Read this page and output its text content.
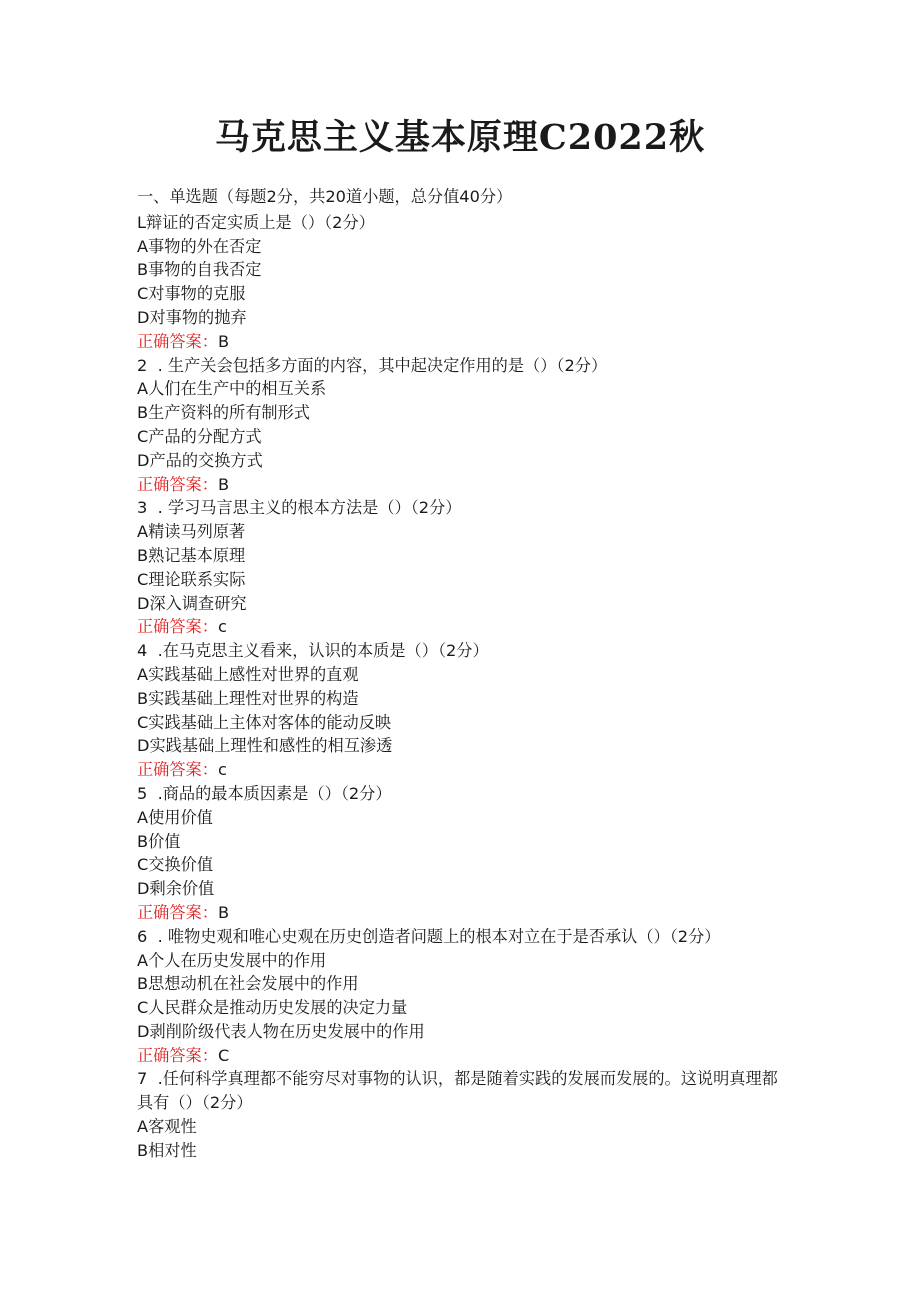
马克思主义基本原理C2022秋
一、单选题（每题2分，共20道小题，总分值40分）
L辩证的否定实质上是（）（2分）
A事物的外在否定
B事物的自我否定
C对事物的克服
D对事物的抛弃
正确答案：B
2  . 生产关会包括多方面的内容，其中起决定作用的是（）（2分）
A人们在生产中的相互关系
B生产资料的所有制形式
C产品的分配方式
D产品的交换方式
正确答案：B
3  . 学习马言思主义的根本方法是（）（2分）
A精读马列原著
B熟记基本原理
C理论联系实际
D深入调查研究
正确答案：c
4  .在马克思主义看来，认识的本质是（）（2分）
A实践基础上感性对世界的直观
B实践基础上理性对世界的构造
C实践基础上主体对客体的能动反映
D实践基础上理性和感性的相互渗透
正确答案：c
5  .商品的最本质因素是（）（2分）
A使用价值
B价值
C交换价值
D剩余价值
正确答案：B
6  . 唯物史观和唯心史观在历史创造者问题上的根本对立在于是否承认（）（2分）
A个人在历史发展中的作用
B思想动机在社会发展中的作用
C人民群众是推动历史发展的决定力量
D剥削阶级代表人物在历史发展中的作用
正确答案：C
7  .任何科学真理都不能穷尽对事物的认识，都是随着实践的发展而发展的。这说明真理都具有（）（2分）
A客观性
B相对性
